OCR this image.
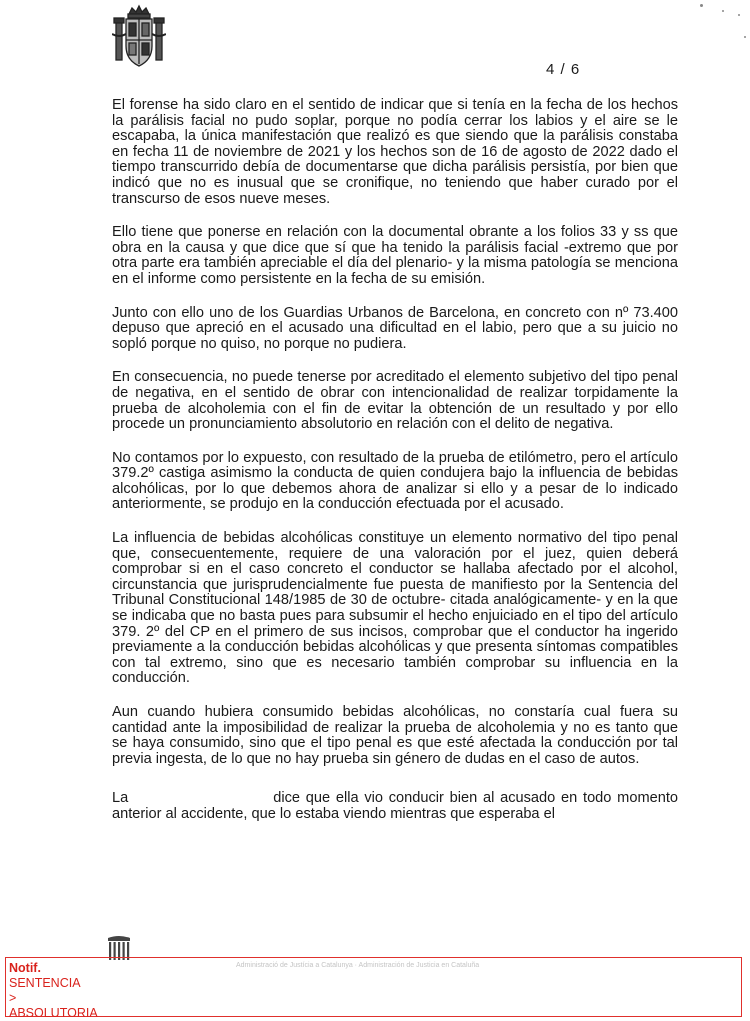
4 / 6

El forense ha sido claro en el sentido de indicar que si tenía en la fecha de los hechos la parálisis facial no pudo soplar, porque no podía cerrar los labios y el aire se le escapaba, la única manifestación que realizó es que siendo que la parálisis constaba en fecha 11 de noviembre de 2021 y los hechos son de 16 de agosto de 2022 dado el tiempo transcurrido debía de documentarse que dicha parálisis persistía, por bien que indicó que no es inusual que se cronifique, no teniendo que haber curado por el transcurso de esos nueve meses.

Ello tiene que ponerse en relación con la documental obrante a los folios 33 y ss que obra en la causa y que dice que sí que ha tenido la parálisis facial -extremo que por otra parte era también apreciable el día del plenario- y la misma patología se menciona en el informe como persistente en la fecha de su emisión.

Junto con ello uno de los Guardias Urbanos de Barcelona, en concreto con nº 73.400 depuso que apreció en el acusado una dificultad en el labio, pero que a su juicio no sopló porque no quiso, no porque no pudiera.

En consecuencia, no puede tenerse por acreditado el elemento subjetivo del tipo penal de negativa, en el sentido de obrar con intencionalidad de realizar torpidamente la prueba de alcoholemia con el fin de evitar la obtención de un resultado y por ello procede un pronunciamiento absolutorio en relación con el delito de negativa.

No contamos por lo expuesto, con resultado de la prueba de etilómetro, pero el artículo 379.2º castiga asimismo la conducta de quien condujera bajo la influencia de bebidas alcohólicas, por lo que debemos ahora de analizar si ello y a pesar de lo indicado anteriormente, se produjo en la conducción efectuada por el acusado.

La influencia de bebidas alcohólicas constituye un elemento normativo del tipo penal que, consecuentemente, requiere de una valoración por el juez, quien deberá comprobar si en el caso concreto el conductor se hallaba afectado por el alcohol, circunstancia que jurisprudencialmente fue puesta de manifiesto por la Sentencia del Tribunal Constitucional 148/1985 de 30 de octubre- citada analógicamente- y en la que se indicaba que no basta pues para subsumir el hecho enjuiciado en el tipo del artículo 379. 2º del CP en el primero de sus incisos, comprobar que el conductor ha ingerido previamente a la conducción bebidas alcohólicas y que presenta síntomas compatibles con tal extremo, sino que es necesario también comprobar su influencia en la conducción.

Aun cuando hubiera consumido bebidas alcohólicas, no constaría cual fuera su cantidad ante la imposibilidad de realizar la prueba de alcoholemia y no es tanto que se haya consumido, sino que el tipo penal es que esté afectada la conducción por tal previa ingesta, de lo que no hay prueba sin género de dudas en el caso de autos.

La	dice que ella vio conducir bien al acusado en todo momento anterior al accidente, que lo estaba viendo mientras que esperaba el

Administració de Justícia a Catalunya · Administración de Justicia en Cataluña
Notif.
SENTENCIA
>
ABSOLUTORIA
